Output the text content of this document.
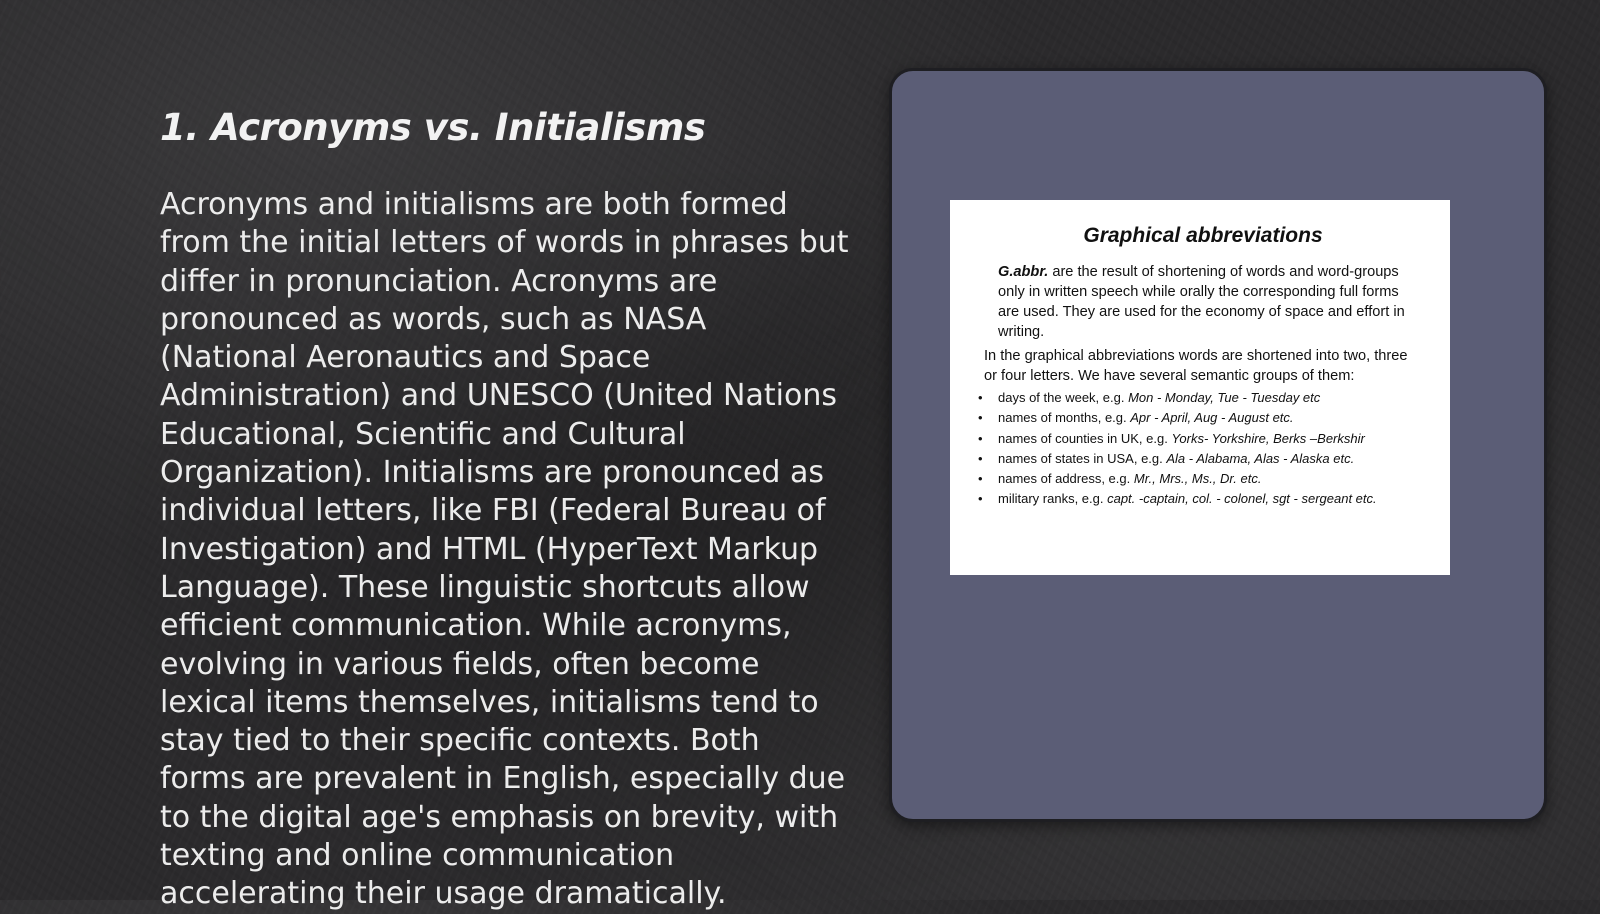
1. Acronyms vs. Initialisms

Acronyms and initialisms are both formed from the initial letters of words in phrases but differ in pronunciation. Acronyms are pronounced as words, such as NASA (National Aeronautics and Space Administration) and UNESCO (United Nations Educational, Scientific and Cultural Organization). Initialisms are pronounced as individual letters, like FBI (Federal Bureau of Investigation) and HTML (HyperText Markup Language). These linguistic shortcuts allow efficient communication. While acronyms, evolving in various fields, often become lexical items themselves, initialisms tend to stay tied to their specific contexts. Both forms are prevalent in English, especially due to the digital age's emphasis on brevity, with texting and online communication accelerating their usage dramatically.

Graphical abbreviations

G.abbr. are the result of shortening of words and word-groups only in written speech while orally the corresponding full forms are used. They are used for the economy of space and effort in writing.

In the graphical abbreviations words are shortened into two, three or four letters. We have several semantic groups of them:

• days of the week, e.g. Mon - Monday, Tue - Tuesday etc
• names of months, e.g. Apr - April, Aug - August etc.
• names of counties in UK, e.g. Yorks- Yorkshire, Berks –Berkshir
• names of states in USA, e.g. Ala - Alabama, Alas - Alaska etc.
• names of address, e.g. Mr., Mrs., Ms., Dr. etc.
• military ranks, e.g. capt. -captain, col. - colonel, sgt - sergeant etc.
